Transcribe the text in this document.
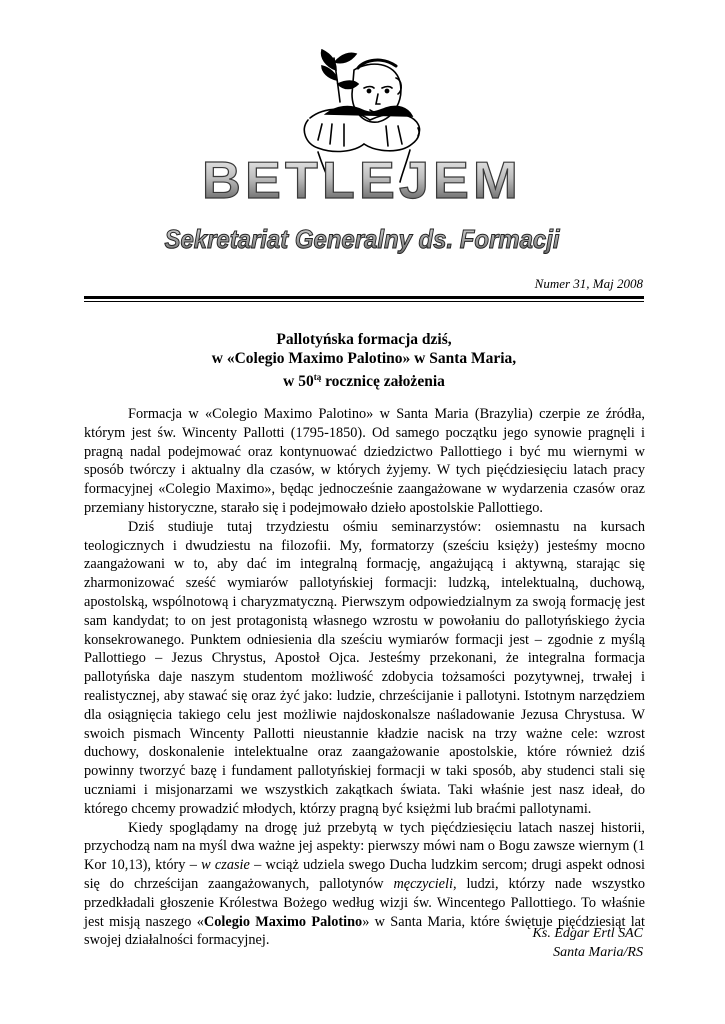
BETLEJEM
Sekretariat Generalny ds. Formacji
Numer 31, Maj 2008
Pallotyńska formacja dziś,
w «Colegio Maximo Palotino» w Santa Maria,
w $50^{tą}$ rocznicę założenia

Formacja w «Colegio Maximo Palotino» w Santa Maria (Brazylia) czerpie ze źródła, którym jest św. Wincenty Pallotti (1795-1850). Od samego początku jego synowie pragnęli i pragną nadal podejmować oraz kontynuować dziedzictwo Pallottiego i być mu wiernymi w sposób twórczy i aktualny dla czasów, w których żyjemy. W tych pięćdziesięciu latach pracy formacyjnej «Colegio Maximo», będąc jednocześnie zaangażowane w wydarzenia czasów oraz przemiany historyczne, starało się i podejmowało dzieło apostolskie Pallottiego.

Dziś studiuje tutaj trzydziestu ośmiu seminarzystów: osiemnastu na kursach teologicznych i dwudziestu na filozofii. My, formatorzy (sześciu księży) jesteśmy mocno zaangażowani w to, aby dać im integralną formację, angażującą i aktywną, starając się zharmonizować sześć wymiarów pallotyńskiej formacji: ludzką, intelektualną, duchową, apostolską, wspólnotową i charyzmatyczną. Pierwszym odpowiedzialnym za swoją formację jest sam kandydat; to on jest protagonistą własnego wzrostu w powołaniu do pallotyńskiego życia konsekrowanego. Punktem odniesienia dla sześciu wymiarów formacji jest – zgodnie z myślą Pallottiego – Jezus Chrystus, Apostoł Ojca. Jesteśmy przekonani, że integralna formacja pallotyńska daje naszym studentom możliwość zdobycia tożsamości pozytywnej, trwałej i realistycznej, aby stawać się oraz żyć jako: ludzie, chrześcijanie i pallotyni. Istotnym narzędziem dla osiągnięcia takiego celu jest możliwie najdoskonalsze naśladowanie Jezusa Chrystusa. W swoich pismach Wincenty Pallotti nieustannie kładzie nacisk na trzy ważne cele: wzrost duchowy, doskonalenie intelektualne oraz zaangażowanie apostolskie, które również dziś powinny tworzyć bazę i fundament pallotyńskiej formacji w taki sposób, aby studenci stali się uczniami i misjonarzami we wszystkich zakątkach świata. Taki właśnie jest nasz ideał, do którego chcemy prowadzić młodych, którzy pragną być księżmi lub braćmi pallotynami.

Kiedy spoglądamy na drogę już przebytą w tych pięćdziesięciu latach naszej historii, przychodzą nam na myśl dwa ważne jej aspekty: pierwszy mówi nam o Bogu zawsze wiernym (1 Kor 10,13), który – w czasie – wciąż udziela swego Ducha ludzkim sercom; drugi aspekt odnosi się do chrześcijan zaangażowanych, pallotynów męczycieli, ludzi, którzy nade wszystko przedkładali głoszenie Królestwa Bożego według wizji św. Wincentego Pallottiego. To właśnie jest misją naszego «Colegio Maximo Palotino» w Santa Maria, które świętuje pięćdziesiąt lat swojej działalności formacyjnej.	Ks. Edgar Ertl SAC
Santa Maria/RS
